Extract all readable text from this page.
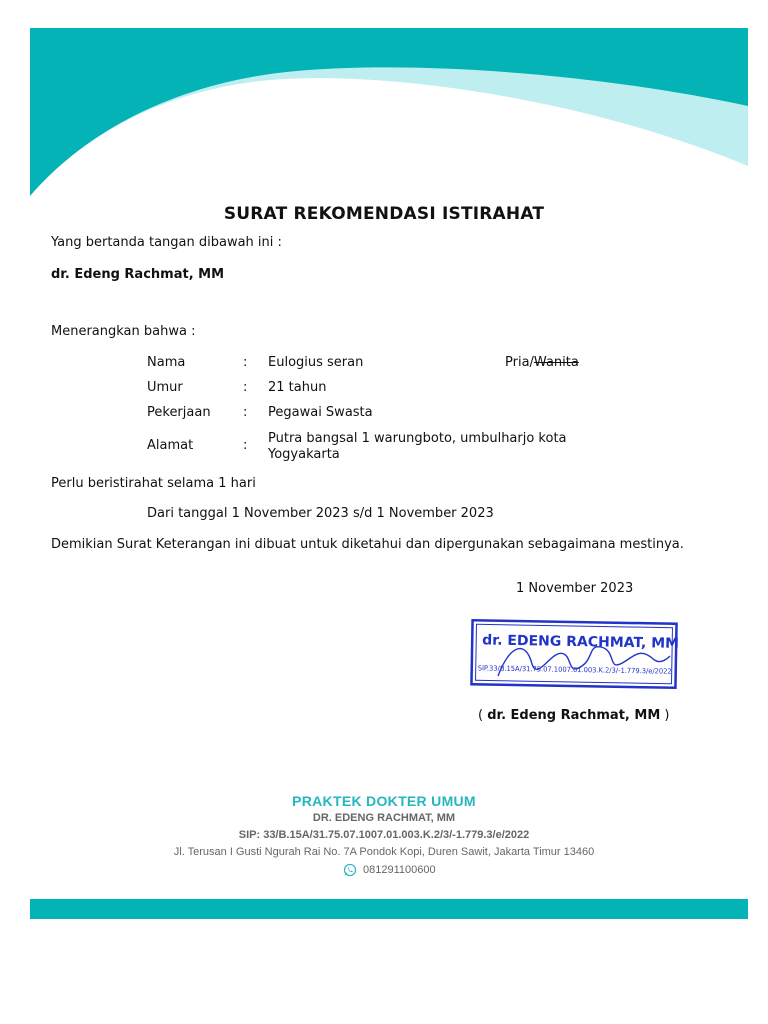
SURAT REKOMENDASI ISTIRAHAT
Yang bertanda tangan dibawah ini :
dr. Edeng Rachmat, MM
Menerangkan bahwa :
Nama	: Eulogius seran	Pria/Wanita
Umur	: 21 tahun
Pekerjaan : Pegawai Swasta
Alamat	: Putra bangsal 1 warungboto, umbulharjo kota
Yogyakarta
Perlu beristirahat selama 1 hari
Dari tanggal 1 November 2023 s/d 1 November 2023
Demikian Surat Keterangan ini dibuat untuk diketahui dan dipergunakan sebagaimana mestinya.
1 November 2023
dr. EDENG RACHMAT, MM
SIP.33/B.15A/31.75.07.1007.01.003.K.2/3/-1.779.3/e/2022
( dr. Edeng Rachmat, MM )
PRAKTEK DOKTER UMUM
DR. EDENG RACHMAT, MM
SIP: 33/B.15A/31.75.07.1007.01.003.K.2/3/-1.779.3/e/2022
Jl. Terusan I Gusti Ngurah Rai No. 7A Pondok Kopi, Duren Sawit, Jakarta Timur 13460
081291100600
